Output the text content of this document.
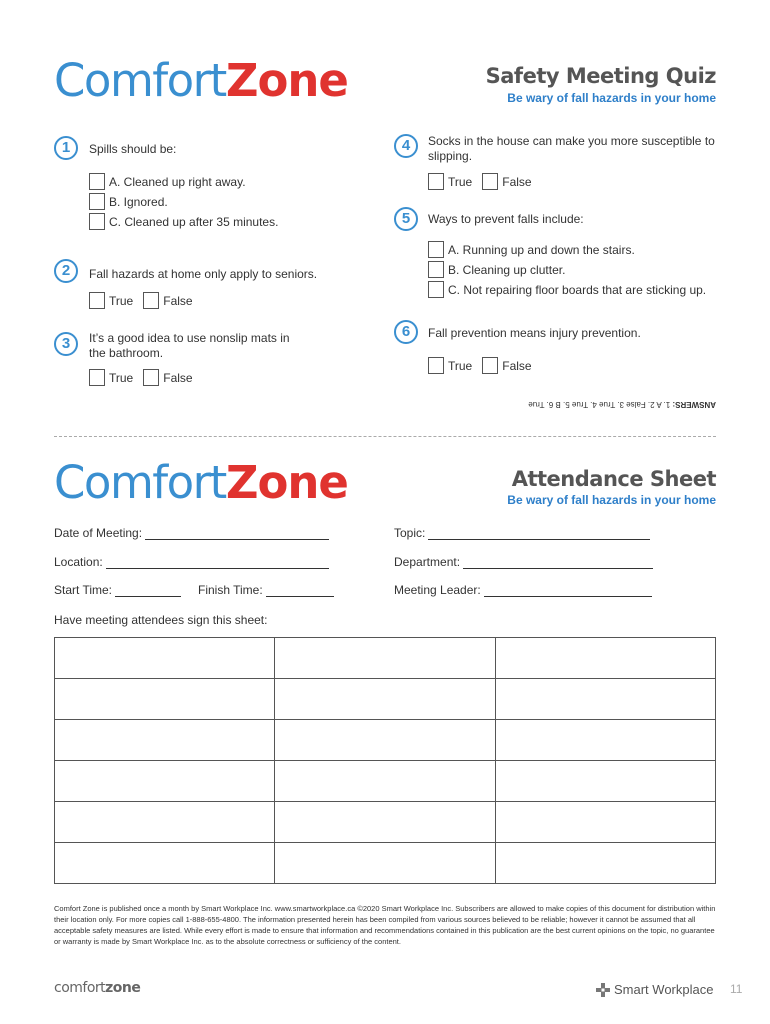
ComfortZone	Safety Meeting Quiz
Be wary of fall hazards in your home
1	Spills should be:
A. Cleaned up right away.
B. Ignored.
C. Cleaned up after 35 minutes.
2	Fall hazards at home only apply to seniors.
True	False
3	It’s a good idea to use nonslip mats in the bathroom.
True	False
4	Socks in the house can make you more susceptible to slipping.
True	False
5	Ways to prevent falls include:
A. Running up and down the stairs.
B. Cleaning up clutter.
C. Not repairing floor boards that are sticking up.
6	Fall prevention means injury prevention.
True	False
ANSWERS: 1. A 2. False 3. True 4. True 5. B 6. True
ComfortZone	Attendance Sheet
Be wary of fall hazards in your home
Date of Meeting:	Topic:
Location:	Department:
Start Time:	Finish Time:	Meeting Leader:
Have meeting attendees sign this sheet:

Comfort Zone is published once a month by Smart Workplace Inc. www.smartworkplace.ca ©2020 Smart Workplace Inc. Subscribers are allowed to make copies of this document for distribution within their location only. For more copies call 1-888-655-4800. The information presented herein has been compiled from various sources believed to be reliable; however it cannot be assumed that all acceptable safety measures are listed. While every effort is made to ensure that information and recommendations contained in this publication are the best current opinions on the topic, no guarantee or warranty is made by Smart Workplace Inc. as to the absolute correctness or sufficiency of the content.
comfortzone	Smart Workplace 11
